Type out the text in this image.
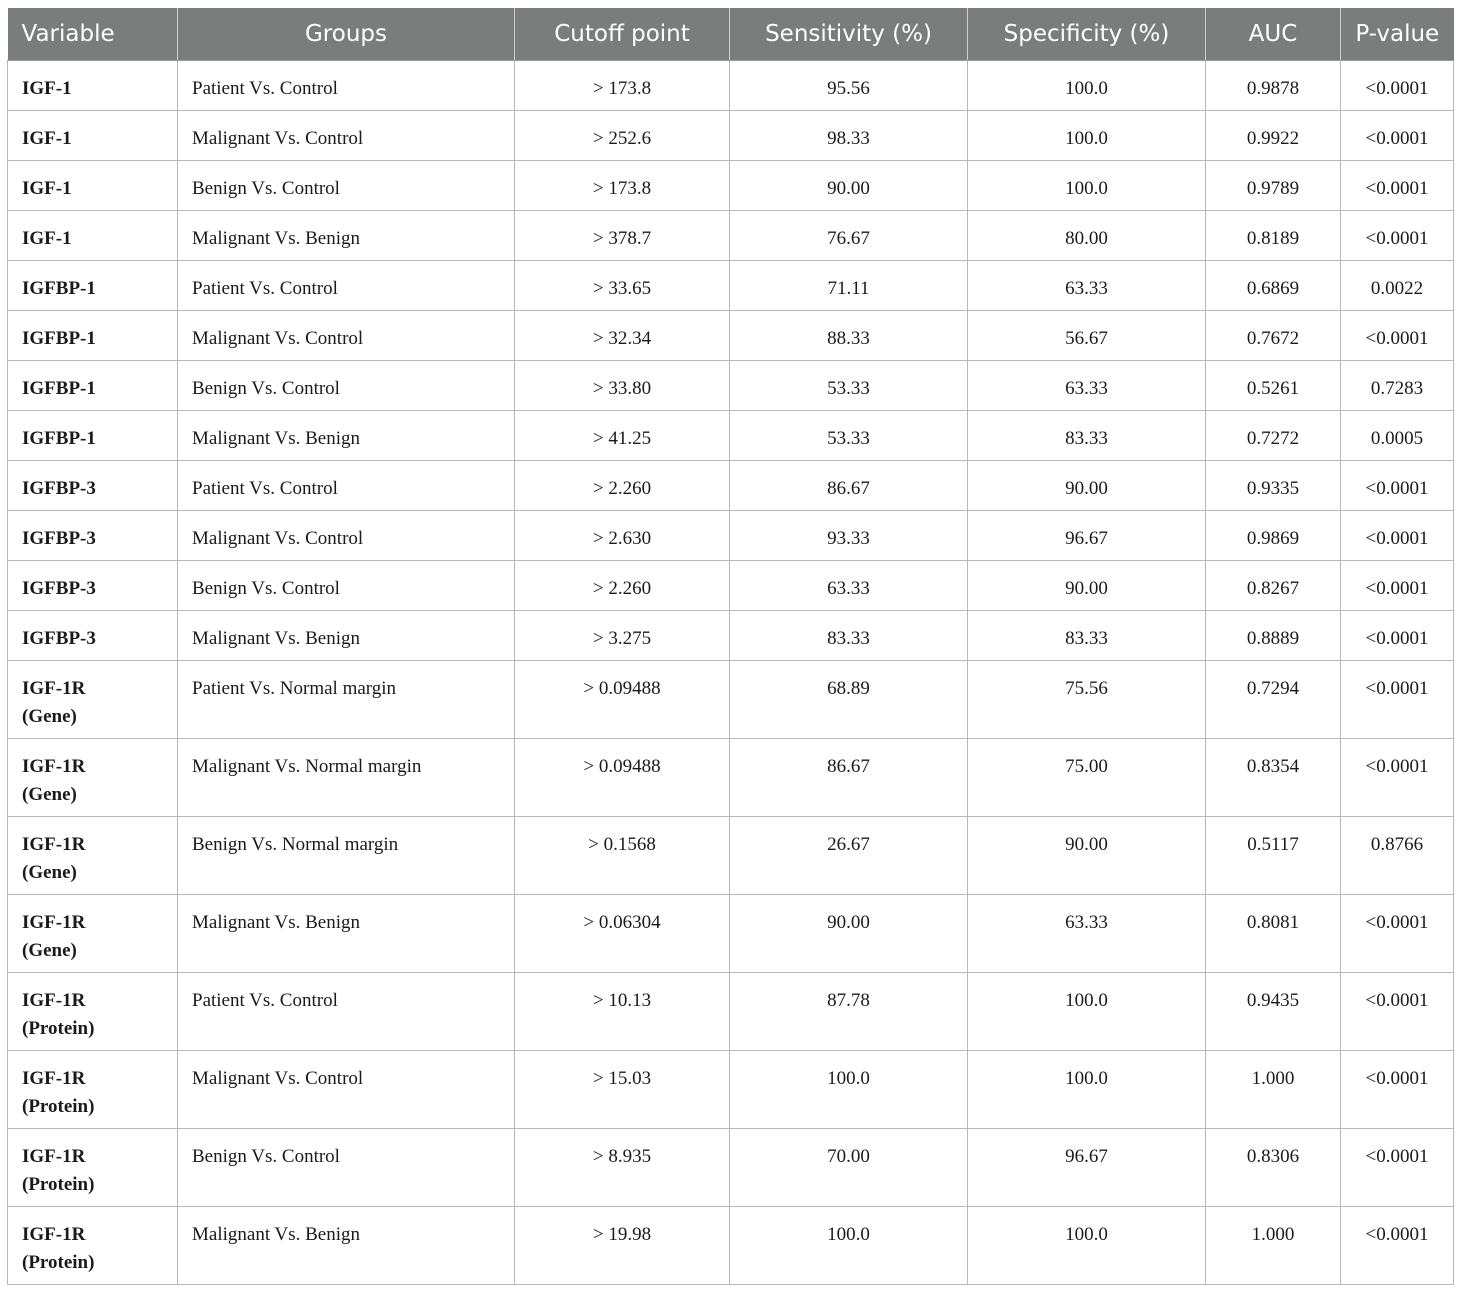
Variable	Groups	Cutoff point	Sensitivity (%)	Specificity (%)	AUC	P-value

IGF-1	Patient Vs. Control	> 173.8	95.56	100.0	0.9878	<0.0001

IGF-1	Malignant Vs. Control	> 252.6	98.33	100.0	0.9922	<0.0001

IGF-1	Benign Vs. Control	> 173.8	90.00	100.0	0.9789	<0.0001

IGF-1	Malignant Vs. Benign	> 378.7	76.67	80.00	0.8189	<0.0001

IGFBP-1	Patient Vs. Control	> 33.65	71.11	63.33	0.6869	0.0022

IGFBP-1	Malignant Vs. Control	> 32.34	88.33	56.67	0.7672	<0.0001

IGFBP-1	Benign Vs. Control	> 33.80	53.33	63.33	0.5261	0.7283

IGFBP-1	Malignant Vs. Benign	> 41.25	53.33	83.33	0.7272	0.0005

IGFBP-3	Patient Vs. Control	> 2.260	86.67	90.00	0.9335	<0.0001

IGFBP-3	Malignant Vs. Control	> 2.630	93.33	96.67	0.9869	<0.0001

IGFBP-3	Benign Vs. Control	> 2.260	63.33	90.00	0.8267	<0.0001

IGFBP-3	Malignant Vs. Benign	> 3.275	83.33	83.33	0.8889	<0.0001

IGF-1R
(Gene)	Patient Vs. Normal margin	> 0.09488	68.89	75.56	0.7294	<0.0001

IGF-1R
(Gene)	Malignant Vs. Normal margin	> 0.09488	86.67	75.00	0.8354	<0.0001

IGF-1R
(Gene)	Benign Vs. Normal margin	> 0.1568	26.67	90.00	0.5117	0.8766

IGF-1R
(Gene)	Malignant Vs. Benign	> 0.06304	90.00	63.33	0.8081	<0.0001

IGF-1R
(Protein)	Patient Vs. Control	> 10.13	87.78	100.0	0.9435	<0.0001

IGF-1R
(Protein)	Malignant Vs. Control	> 15.03	100.0	100.0	1.000	<0.0001

IGF-1R
(Protein)	Benign Vs. Control	> 8.935	70.00	96.67	0.8306	<0.0001

IGF-1R
(Protein)	Malignant Vs. Benign	> 19.98	100.0	100.0	1.000	<0.0001
